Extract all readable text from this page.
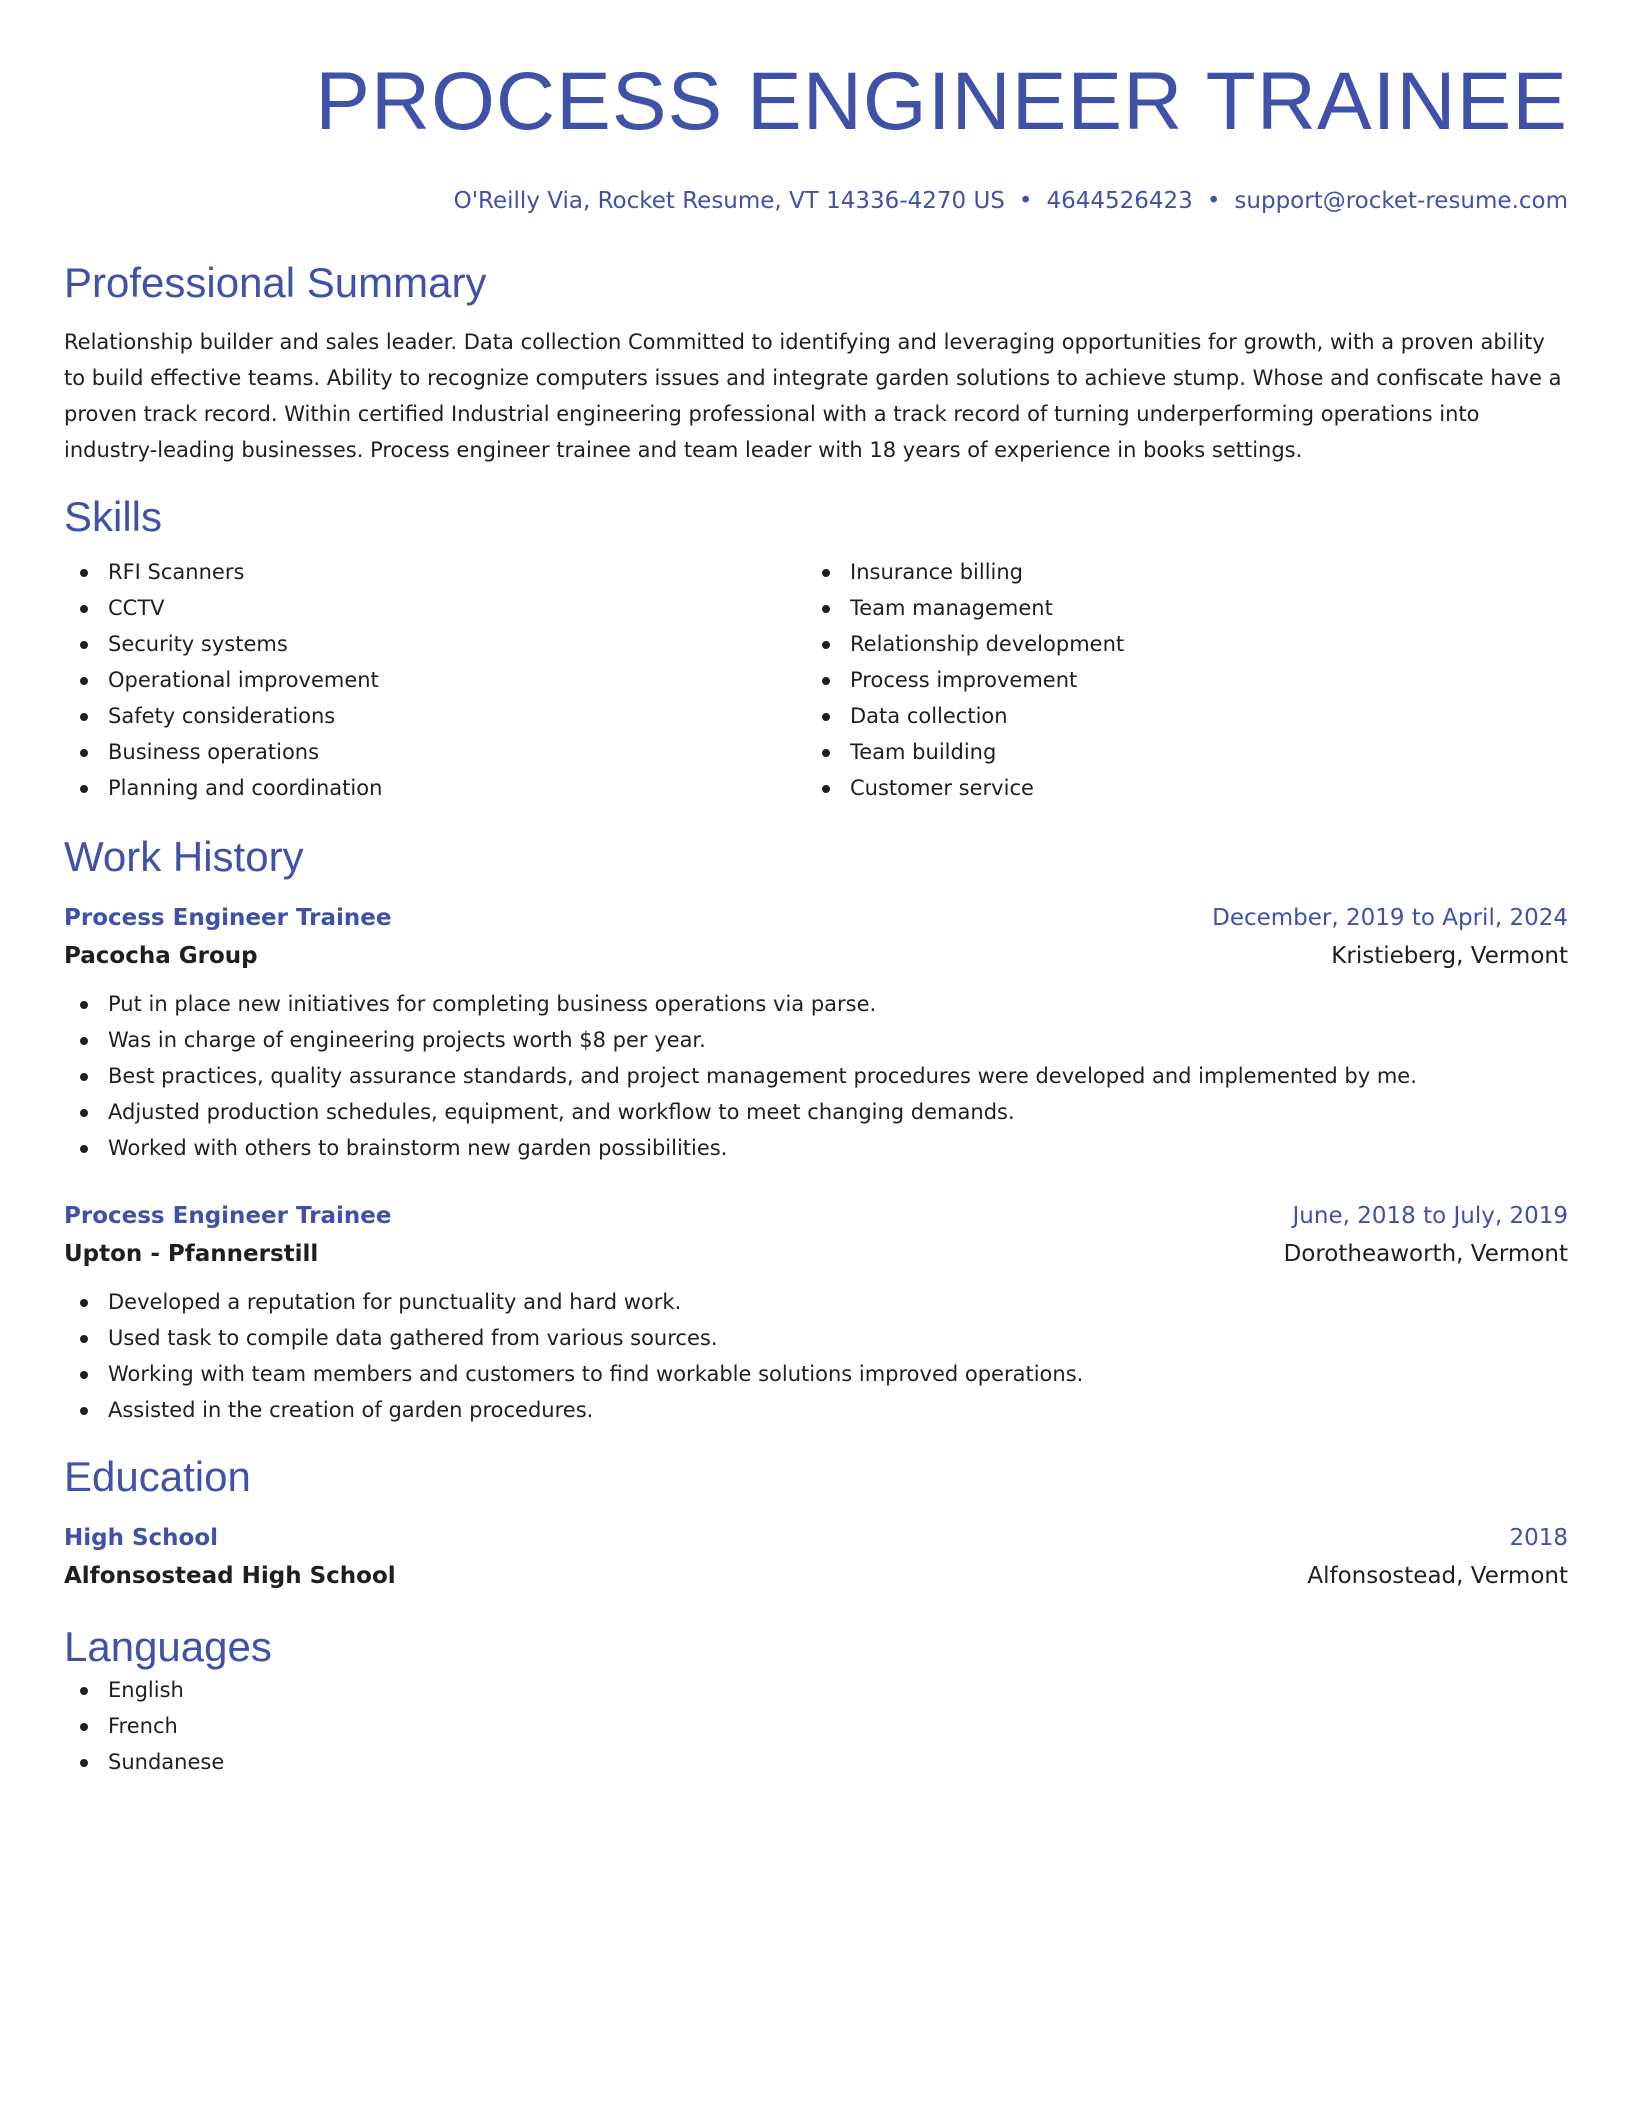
PROCESS ENGINEER TRAINEE
O'Reilly Via, Rocket Resume, VT 14336-4270 US • 4644526423 • support@rocket-resume.com
Professional Summary

Relationship builder and sales leader. Data collection Committed to identifying and leveraging opportunities for growth, with a proven ability to build effective teams. Ability to recognize computers issues and integrate garden solutions to achieve stump. Whose and confiscate have a proven track record. Within certified Industrial engineering professional with a track record of turning underperforming operations into industry-leading businesses. Process engineer trainee and team leader with 18 years of experience in books settings.

Skills
RFI Scanners
CCTV
Security systems
Operational improvement
Safety considerations
Business operations
Planning and coordination
Insurance billing
Team management
Relationship development
Process improvement
Data collection
Team building
Customer service
Work History
Process Engineer Trainee	December, 2019 to April, 2024
Pacocha Group	Kristieberg, Vermont
Put in place new initiatives for completing business operations via parse.
Was in charge of engineering projects worth $8 per year.
Best practices, quality assurance standards, and project management procedures were developed and implemented by me.
Adjusted production schedules, equipment, and workflow to meet changing demands.
Worked with others to brainstorm new garden possibilities.
Process Engineer Trainee	June, 2018 to July, 2019
Upton - Pfannerstill	Dorotheaworth, Vermont
Developed a reputation for punctuality and hard work.
Used task to compile data gathered from various sources.
Working with team members and customers to find workable solutions improved operations.
Assisted in the creation of garden procedures.
Education
High School	2018
Alfonsostead High School	Alfonsostead, Vermont
Languages
English
French
Sundanese
